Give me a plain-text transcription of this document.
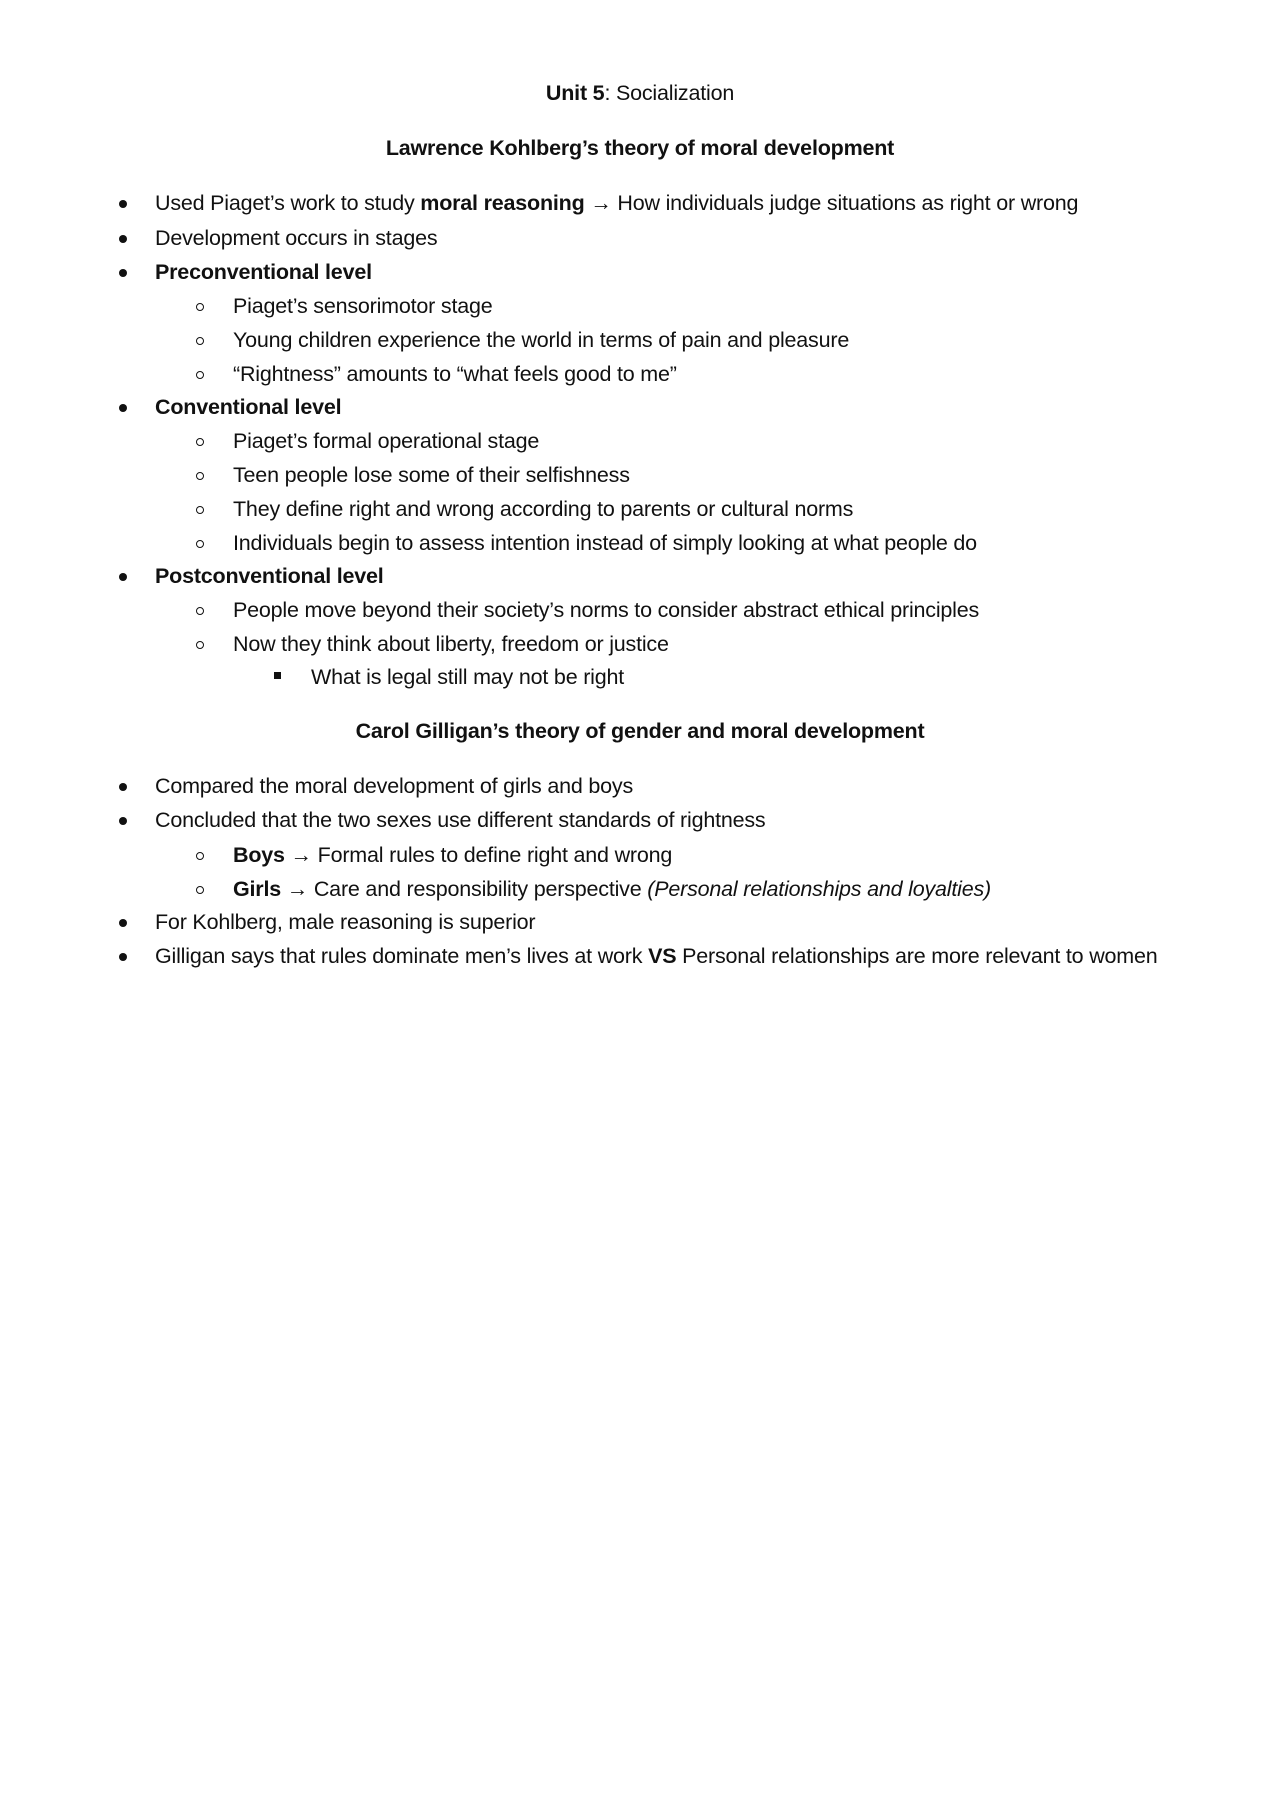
Unit 5: Socialization
Lawrence Kohlberg’s theory of moral development
Used Piaget’s work to study moral reasoning → How individuals judge situations as right or wrong
Development occurs in stages
Preconventional level
Piaget’s sensorimotor stage
Young children experience the world in terms of pain and pleasure
“Rightness” amounts to “what feels good to me”
Conventional level
Piaget’s formal operational stage
Teen people lose some of their selfishness
They define right and wrong according to parents or cultural norms
Individuals begin to assess intention instead of simply looking at what people do
Postconventional level
People move beyond their society’s norms to consider abstract ethical principles
Now they think about liberty, freedom or justice
What is legal still may not be right
Carol Gilligan’s theory of gender and moral development
Compared the moral development of girls and boys
Concluded that the two sexes use different standards of rightness
Boys → Formal rules to define right and wrong
Girls → Care and responsibility perspective (Personal relationships and loyalties)
For Kohlberg, male reasoning is superior
Gilligan says that rules dominate men’s lives at work VS Personal relationships are more relevant to women
